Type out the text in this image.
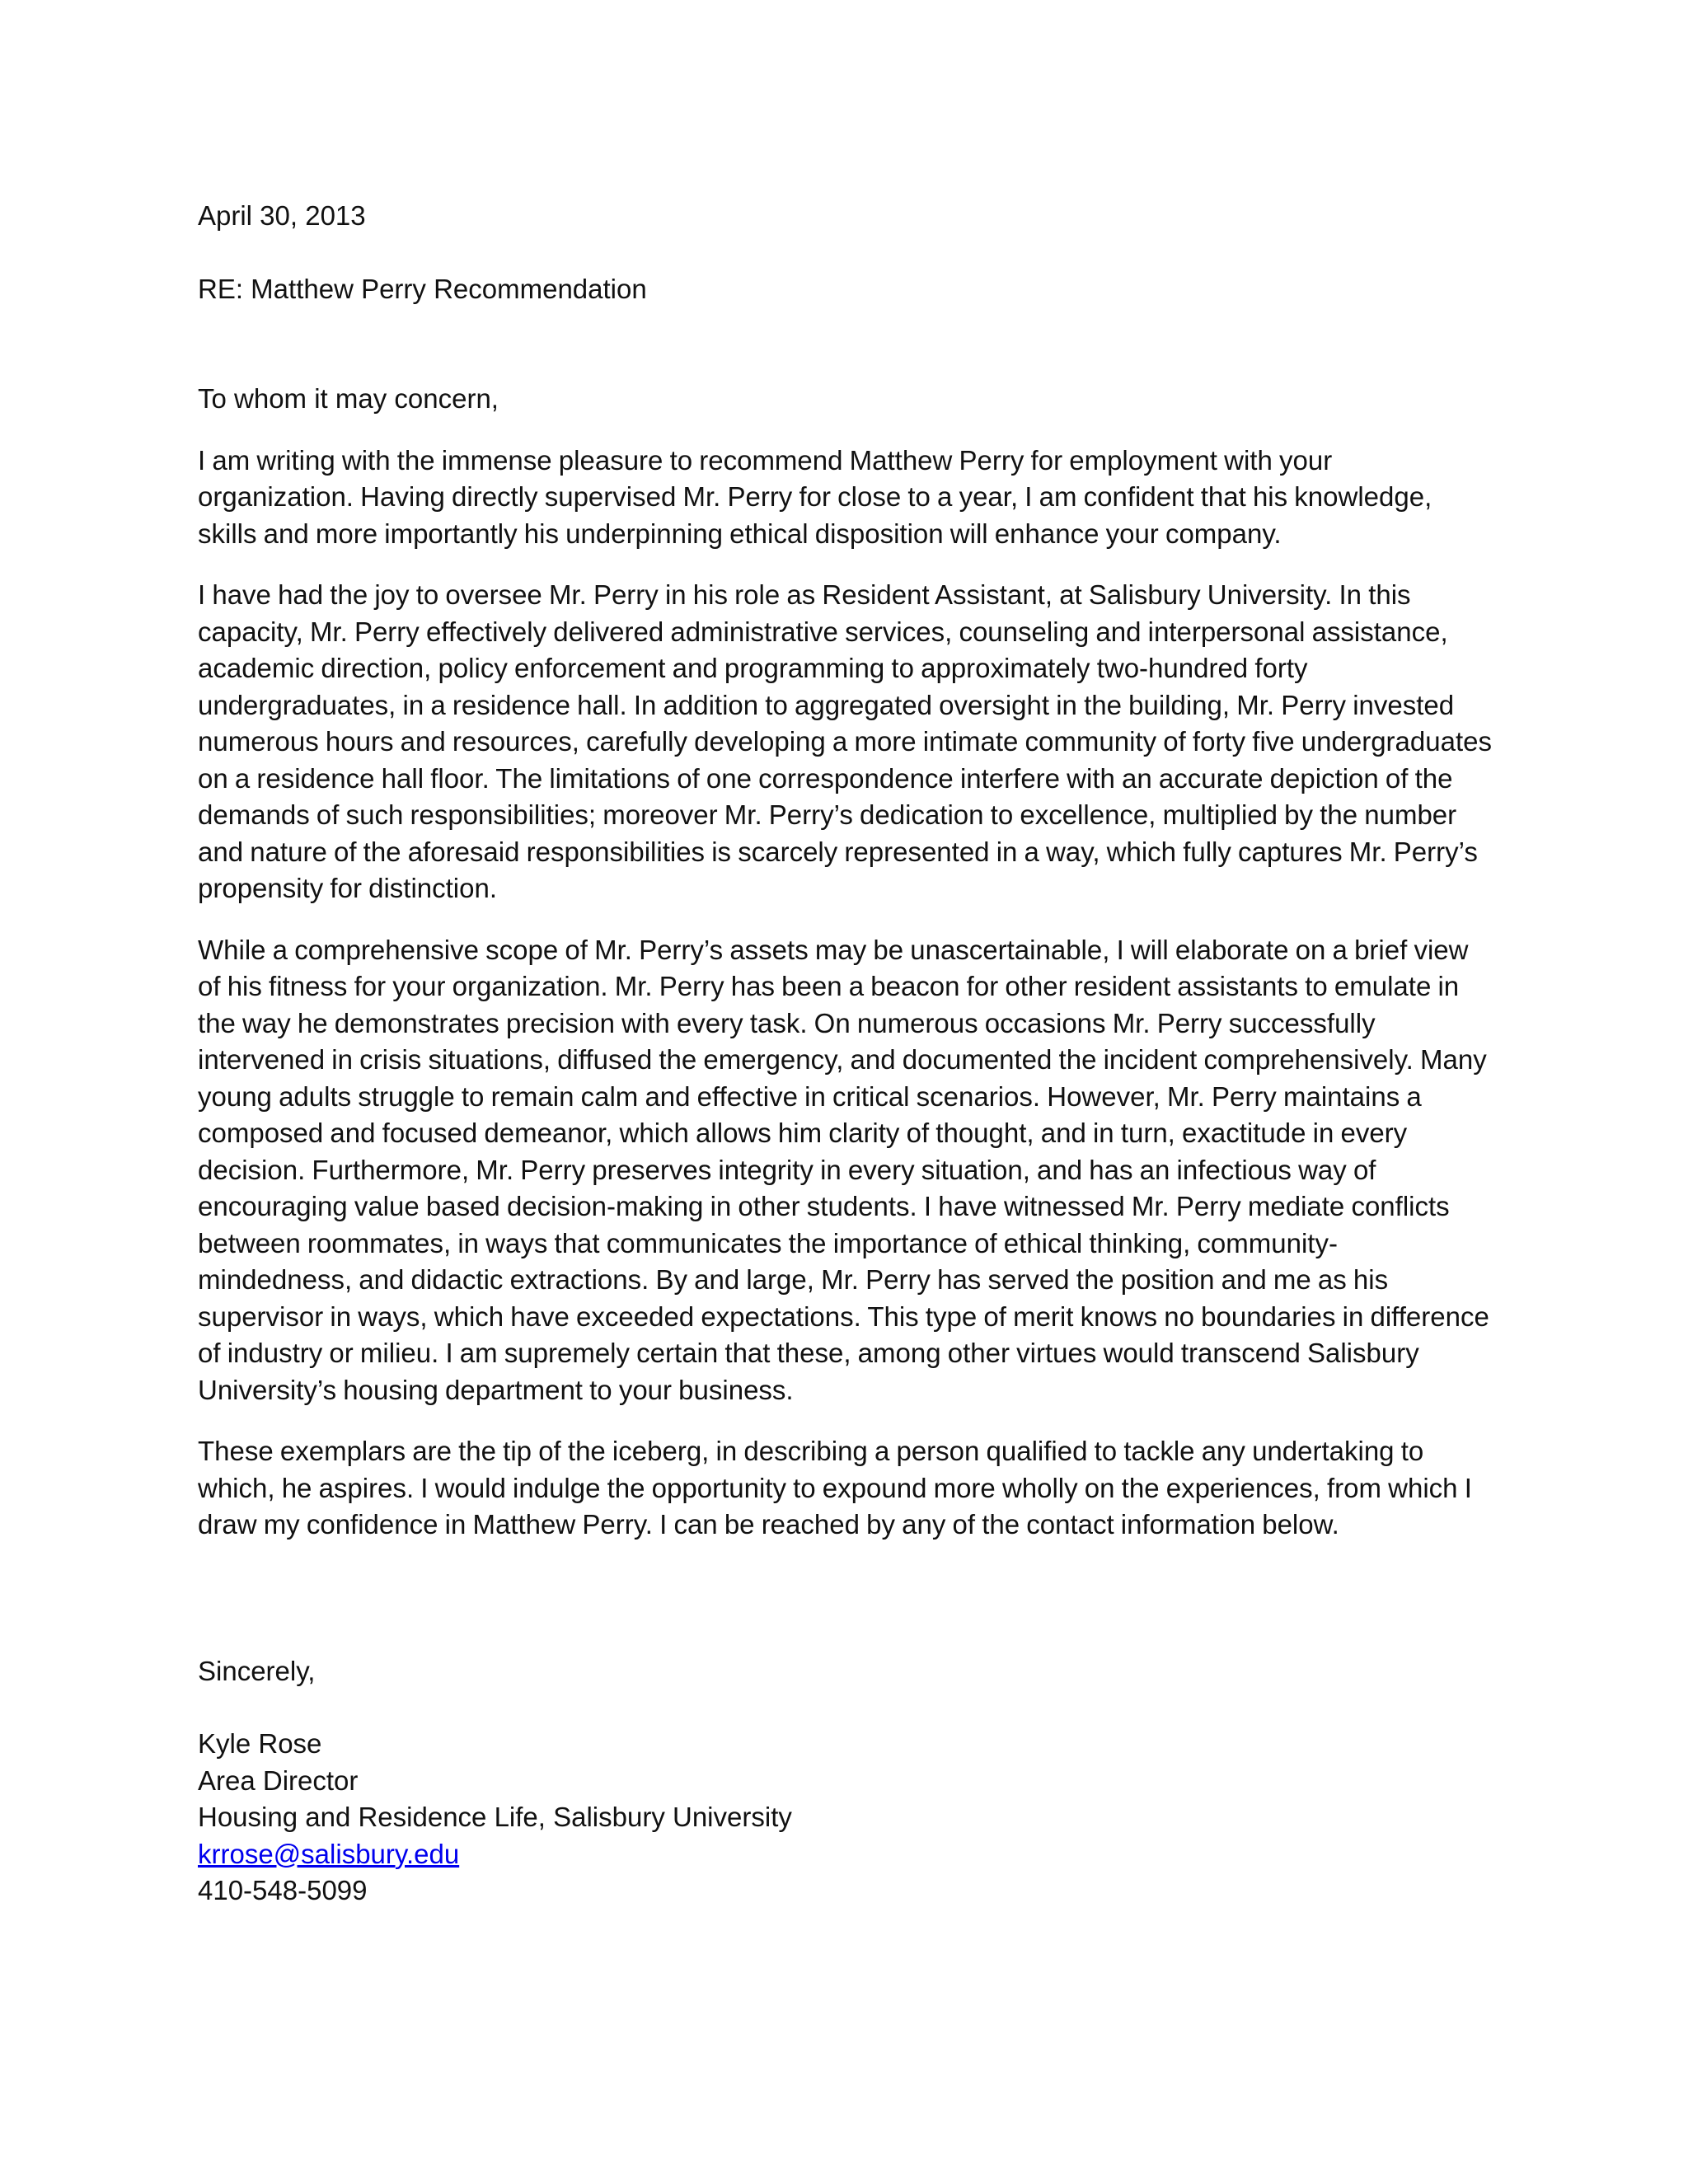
April 30, 2013

RE: Matthew Perry Recommendation

To whom it may concern,

I am writing with the immense pleasure to recommend Matthew Perry for employment with your organization. Having directly supervised Mr. Perry for close to a year, I am confident that his knowledge, skills and more importantly his underpinning ethical disposition will enhance your company.

I have had the joy to oversee Mr. Perry in his role as Resident Assistant, at Salisbury University. In this capacity, Mr. Perry effectively delivered administrative services, counseling and interpersonal assistance, academic direction, policy enforcement and programming to approximately two-hundred forty undergraduates, in a residence hall. In addition to aggregated oversight in the building, Mr. Perry invested numerous hours and resources, carefully developing a more intimate community of forty five undergraduates on a residence hall floor. The limitations of one correspondence interfere with an accurate depiction of the demands of such responsibilities; moreover Mr. Perry’s dedication to excellence, multiplied by the number and nature of the aforesaid responsibilities is scarcely represented in a way, which fully captures Mr. Perry’s propensity for distinction.

While a comprehensive scope of Mr. Perry’s assets may be unascertainable, I will elaborate on a brief view of his fitness for your organization. Mr. Perry has been a beacon for other resident assistants to emulate in the way he demonstrates precision with every task. On numerous occasions Mr. Perry successfully intervened in crisis situations, diffused the emergency, and documented the incident comprehensively. Many young adults struggle to remain calm and effective in critical scenarios. However, Mr. Perry maintains a composed and focused demeanor, which allows him clarity of thought, and in turn, exactitude in every decision. Furthermore, Mr. Perry preserves integrity in every situation, and has an infectious way of encouraging value based decision-making in other students. I have witnessed Mr. Perry mediate conflicts between roommates, in ways that communicates the importance of ethical thinking, community-mindedness, and didactic extractions. By and large, Mr. Perry has served the position and me as his supervisor in ways, which have exceeded expectations. This type of merit knows no boundaries in difference of industry or milieu. I am supremely certain that these, among other virtues would transcend Salisbury University’s housing department to your business.

These exemplars are the tip of the iceberg, in describing a person qualified to tackle any undertaking to which, he aspires. I would indulge the opportunity to expound more wholly on the experiences, from which I draw my confidence in Matthew Perry. I can be reached by any of the contact information below.

Sincerely,

Kyle Rose
Area Director
Housing and Residence Life, Salisbury University
krrose@salisbury.edu
410-548-5099
